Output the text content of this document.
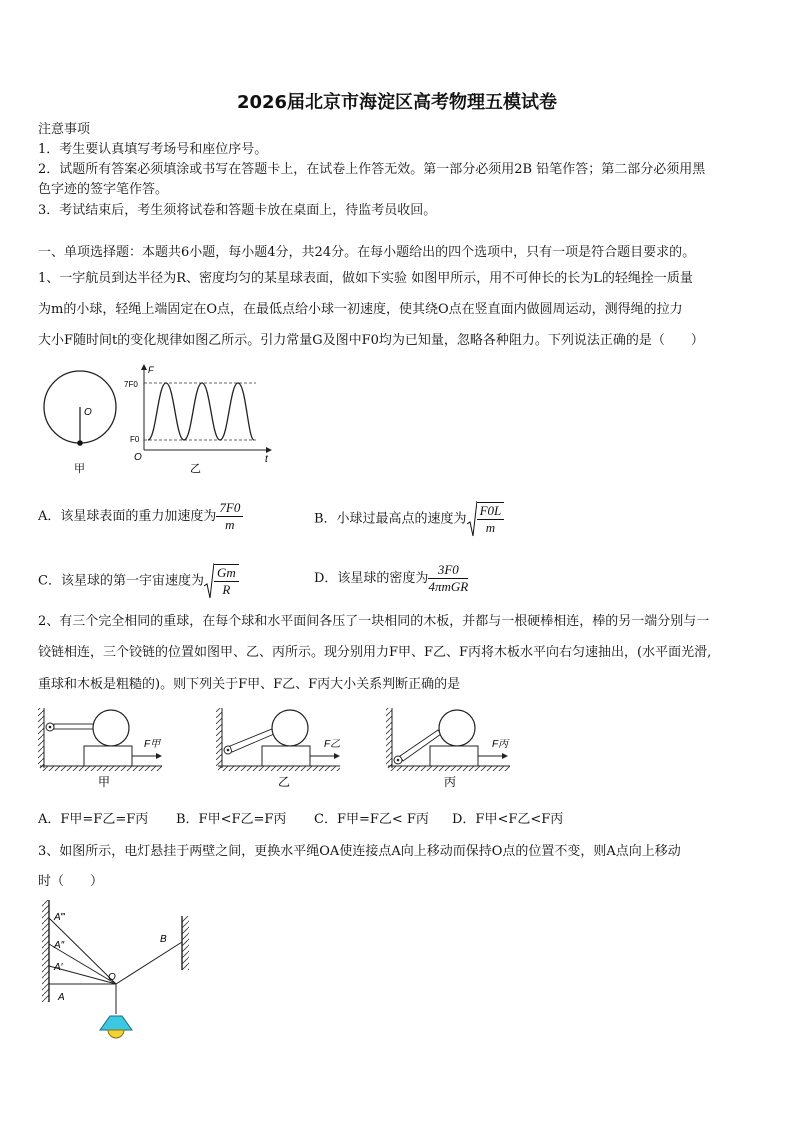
2026届北京市海淀区高考物理五模试卷
注意事项
1．考生要认真填写考场号和座位序号。
2．试题所有答案必须填涂或书写在答题卡上，在试卷上作答无效。第一部分必须用2B 铅笔作答；第二部分必须用黑
色字迹的签字笔作答。
3．考试结束后，考生须将试卷和答题卡放在桌面上，待监考员收回。
一、单项选择题：本题共6小题，每小题4分，共24分。在每小题给出的四个选项中，只有一项是符合题目要求的。
1、一字航员到达半径为R、密度均匀的某星球表面，做如下实验 如图甲所示，用不可伸长的长为L的轻绳拴一质量
为m的小球，轻绳上端固定在O点，在最低点给小球一初速度，使其绕O点在竖直面内做圆周运动，测得绳的拉力
大小F随时间t的变化规律如图乙所示。引力常量G及图中F0均为已知量，忽略各种阻力。下列说法正确的是（　　）
O
甲
F
t
O
7F0
F0
乙
A．该星球表面的重力加速度为 $\frac{7F0}{m}$	B．小球过最高点的速度为 $\frac{F0L}{m}$
C．该星球的第一宇宙速度为 $\frac{Gm}{R}$	D．该星球的密度为 $\frac{3F0}{\text{4πmGR}}$
2、有三个完全相同的重球，在每个球和水平面间各压了一块相同的木板，并都与一根硬棒相连，棒的另一端分别与一
铰链相连，三个铰链的位置如图甲、乙、丙所示。现分别用力F甲、F乙、F丙将木板水平向右匀速抽出，(水平面光滑,
重球和木板是粗糙的)。则下列关于F甲、F乙、F丙大小关系判断正确的是
F甲
甲
F乙
乙
F丙
丙
A．F甲=F乙=F丙 B．F甲<F乙=F丙 C．F甲=F乙< F丙 D．F甲<F乙<F丙
3、如图所示，电灯悬挂于两壁之间，更换水平绳OA使连接点A向上移动而保持O点的位置不变，则A点向上移动
时（　　）
A‴
A″
A′
A
O
B
